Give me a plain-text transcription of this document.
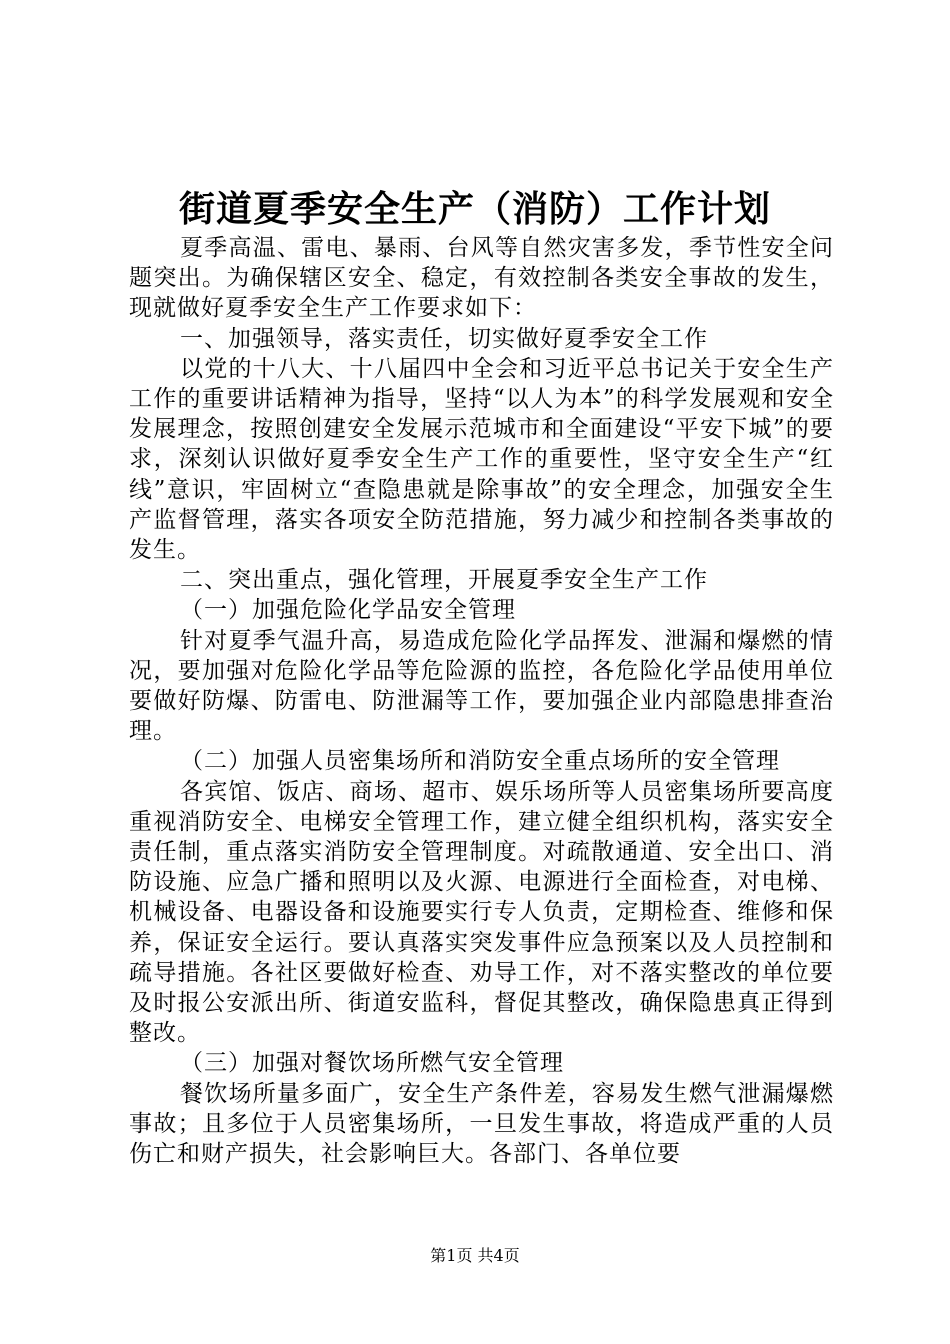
街道夏季安全生产（消防）工作计划

夏季高温、雷电、暴雨、台风等自然灾害多发，季节性安全问题突出。为确保辖区安全、稳定，有效控制各类安全事故的发生，现就做好夏季安全生产工作要求如下：

一、加强领导，落实责任，切实做好夏季安全工作

以党的十八大、十八届四中全会和习近平总书记关于安全生产工作的重要讲话精神为指导，坚持“以人为本”的科学发展观和安全发展理念，按照创建安全发展示范城市和全面建设“平安下城”的要求，深刻认识做好夏季安全生产工作的重要性，坚守安全生产“红线”意识，牢固树立“查隐患就是除事故”的安全理念，加强安全生产监督管理，落实各项安全防范措施，努力减少和控制各类事故的发生。

二、突出重点，强化管理，开展夏季安全生产工作

（一）加强危险化学品安全管理

针对夏季气温升高，易造成危险化学品挥发、泄漏和爆燃的情况，要加强对危险化学品等危险源的监控，各危险化学品使用单位要做好防爆、防雷电、防泄漏等工作，要加强企业内部隐患排查治理。

（二）加强人员密集场所和消防安全重点场所的安全管理

各宾馆、饭店、商场、超市、娱乐场所等人员密集场所要高度重视消防安全、电梯安全管理工作，建立健全组织机构，落实安全责任制，重点落实消防安全管理制度。对疏散通道、安全出口、消防设施、应急广播和照明以及火源、电源进行全面检查，对电梯、机械设备、电器设备和设施要实行专人负责，定期检查、维修和保养，保证安全运行。要认真落实突发事件应急预案以及人员控制和疏导措施。各社区要做好检查、劝导工作，对不落实整改的单位要及时报公安派出所、街道安监科，督促其整改，确保隐患真正得到整改。

（三）加强对餐饮场所燃气安全管理

餐饮场所量多面广，安全生产条件差，容易发生燃气泄漏爆燃事故；且多位于人员密集场所，一旦发生事故，将造成严重的人员伤亡和财产损失，社会影响巨大。各部门、各单位要

第1页 共4页
